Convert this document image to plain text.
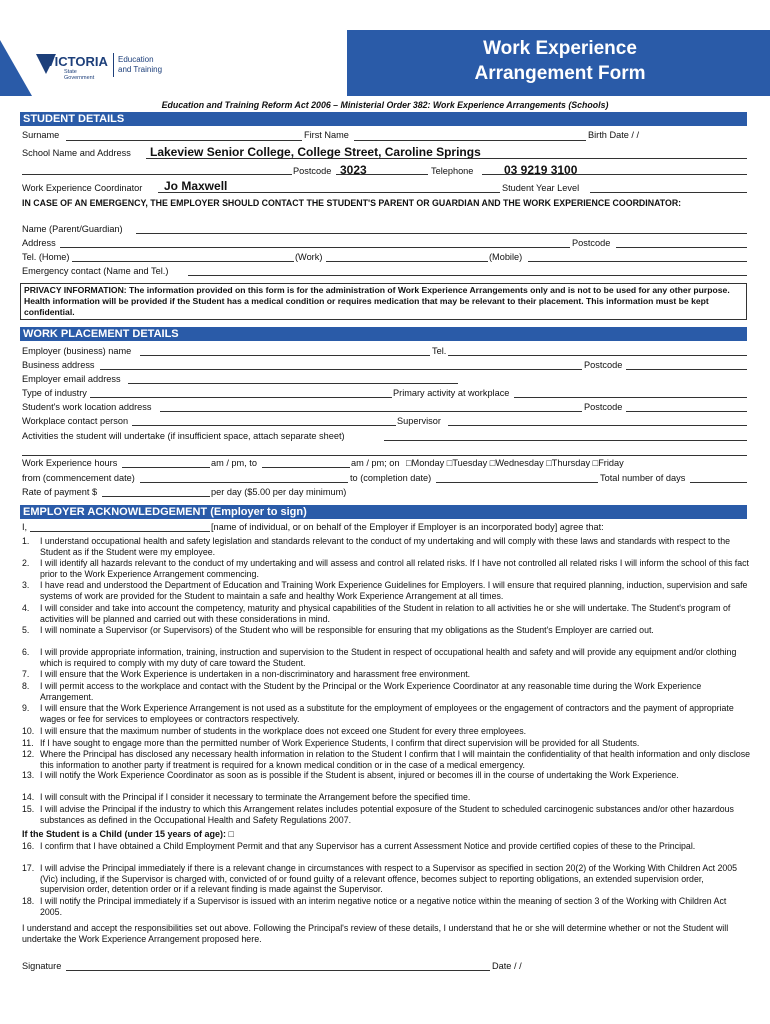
VICTORIA
State
Government
Education
and Training
Work Experience
Arrangement Form
Education and Training Reform Act 2006 – Ministerial Order 382: Work Experience Arrangements (Schools)
STUDENT DETAILS
Surname	First Name	Birth Date / /
School Name and Address Lakeview Senior College, College Street, Caroline Springs
Postcode 3023	Telephone	03 9219 3100
Work Experience Coordinator Jo Maxwell	Student Year Level
IN CASE OF AN EMERGENCY, THE EMPLOYER SHOULD CONTACT THE STUDENT'S PARENT OR GUARDIAN AND THE WORK EXPERIENCE COORDINATOR:
Name (Parent/Guardian)
Address	Postcode
Tel. (Home)	(Work)	(Mobile)
Emergency contact (Name and Tel.)
PRIVACY INFORMATION: The information provided on this form is for the administration of Work Experience Arrangements only and is not to be used for any other purpose. Health information will be provided if the Student has a medical condition or requires medication that may be relevant to their placement. This information must be kept confidential.
WORK PLACEMENT DETAILS
Employer (business) name	Tel.
Business address	Postcode
Employer email address
Type of industry	Primary activity at workplace
Student's work location address	Postcode
Workplace contact person	Supervisor
Activities the student will undertake (if insufficient space, attach separate sheet)
Work Experience hours	am / pm, to	am / pm; on □Monday □Tuesday □Wednesday □Thursday □Friday
from (commencement date)	to (completion date)	Total number of days
Rate of payment $	per day ($5.00 per day minimum)
EMPLOYER ACKNOWLEDGEMENT (Employer to sign)
I,	[name of individual, or on behalf of the Employer if Employer is an incorporated body] agree that:
1. I understand occupational health and safety legislation and standards relevant to the conduct of my undertaking and will comply with these laws and standards with respect to the Student as if the Student were my employee.
2. I will identify all hazards relevant to the conduct of my undertaking and will assess and control all related risks. If I have not controlled all related risks I will inform the school of this fact prior to the Work Experience Arrangement commencing.
3. I have read and understood the Department of Education and Training Work Experience Guidelines for Employers. I will ensure that required planning, induction, supervision and safe systems of work are provided for the Student to maintain a safe and healthy Work Experience Arrangement at all times.
4. I will consider and take into account the competency, maturity and physical capabilities of the Student in relation to all activities he or she will undertake. The Student's program of activities will be planned and carried out with these considerations in mind.
5. I will nominate a Supervisor (or Supervisors) of the Student who will be responsible for ensuring that my obligations as the Student's Employer are carried out.
6. I will provide appropriate information, training, instruction and supervision to the Student in respect of occupational health and safety and will provide any equipment and/or clothing which is required to comply with my duty of care toward the Student.
7. I will ensure that the Work Experience is undertaken in a non-discriminatory and harassment free environment.
8. I will permit access to the workplace and contact with the Student by the Principal or the Work Experience Coordinator at any reasonable time during the Work Experience Arrangement.
9. I will ensure that the Work Experience Arrangement is not used as a substitute for the employment of employees or the engagement of contractors and the payment of appropriate wages or fee for services to employees or contractors respectively.
10. I will ensure that the maximum number of students in the workplace does not exceed one Student for every three employees.
11. If I have sought to engage more than the permitted number of Work Experience Students, I confirm that direct supervision will be provided for all Students.
12. Where the Principal has disclosed any necessary health information in relation to the Student I confirm that I will maintain the confidentiality of that health information and only disclose this information to another party if treatment is required for a known medical condition or in the case of a medical emergency.
13. I will notify the Work Experience Coordinator as soon as is possible if the Student is absent, injured or becomes ill in the course of undertaking the Work Experience.
14. I will consult with the Principal if I consider it necessary to terminate the Arrangement before the specified time.
15. I will advise the Principal if the industry to which this Arrangement relates includes potential exposure of the Student to scheduled carcinogenic substances and/or other hazardous substances as defined in the Occupational Health and Safety Regulations 2007.
If the Student is a Child (under 15 years of age): □
16. I confirm that I have obtained a Child Employment Permit and that any Supervisor has a current Assessment Notice and provide certified copies of these to the Principal.
17. I will advise the Principal immediately if there is a relevant change in circumstances with respect to a Supervisor as specified in section 20(2) of the Working With Children Act 2005 (Vic) including, if the Supervisor is charged with, convicted of or found guilty of a relevant offence, becomes subject to reporting obligations, an extended supervision order, supervision order, detention order or if a relevant finding is made against the Supervisor.
18. I will notify the Principal immediately if a Supervisor is issued with an interim negative notice or a negative notice within the meaning of section 3 of the Working with Children Act 2005.
I understand and accept the responsibilities set out above. Following the Principal's review of these details, I understand that he or she will determine whether or not the Student will undertake the Work Experience Arrangement proposed here.
Signature	Date / /
